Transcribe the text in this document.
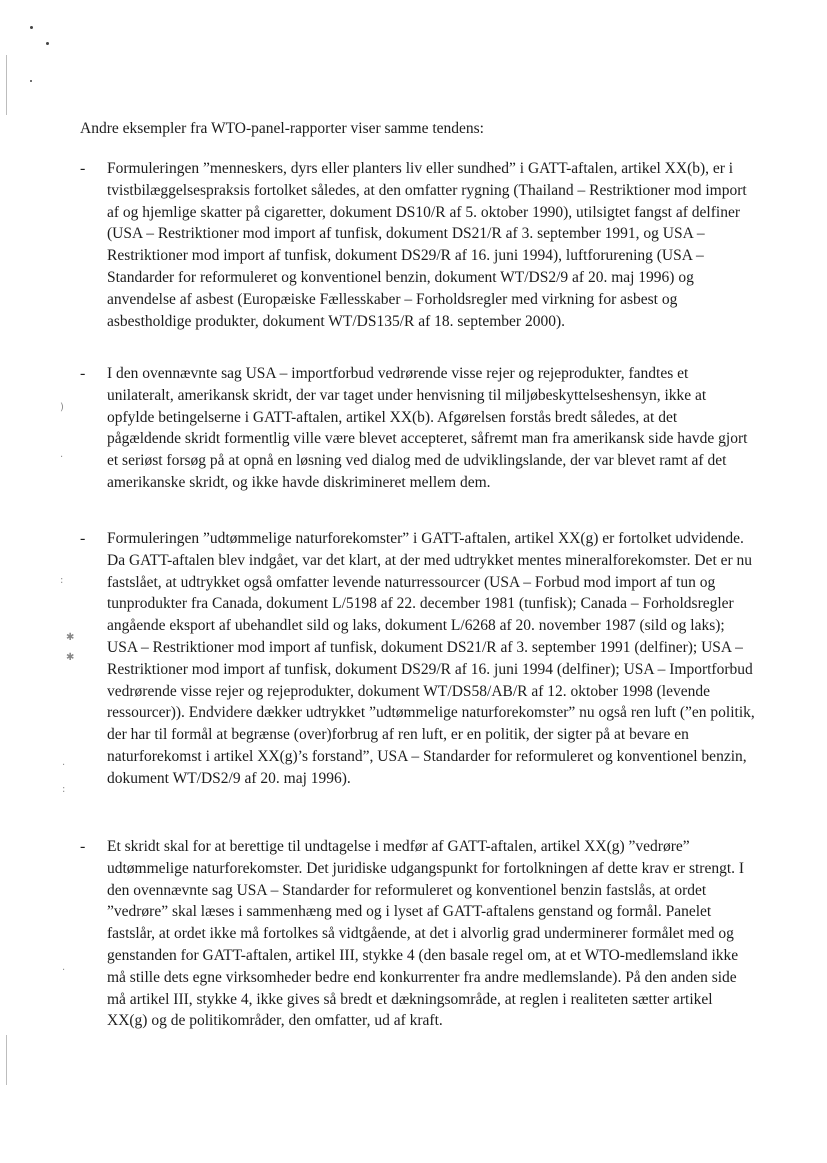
)
·
:
✱
✱
·
:
·

Andre eksempler fra WTO-panel-rapporter viser samme tendens:

- Formuleringen ”menneskers, dyrs eller planters liv eller sundhed” i GATT-aftalen, artikel XX(b), er i tvistbilæggelsespraksis fortolket således, at den omfatter rygning (Thailand – Restriktioner mod import af og hjemlige skatter på cigaretter, dokument DS10/R af 5. oktober 1990), utilsigtet fangst af delfiner (USA – Restriktioner mod import af tunfisk, dokument DS21/R af 3. september 1991, og USA – Restriktioner mod import af tunfisk, dokument DS29/R af 16. juni 1994), luftforurening (USA – Standarder for reformuleret og konventionel benzin, dokument WT/DS2/9 af 20. maj 1996) og anvendelse af asbest (Europæiske Fællesskaber – Forholdsregler med virkning for asbest og asbestholdige produkter, dokument WT/DS135/R af 18. september 2000).

- I den ovennævnte sag USA – importforbud vedrørende visse rejer og rejeprodukter, fandtes et unilateralt, amerikansk skridt, der var taget under henvisning til miljøbeskyttelseshensyn, ikke at opfylde betingelserne i GATT-aftalen, artikel XX(b). Afgørelsen forstås bredt således, at det pågældende skridt formentlig ville være blevet accepteret, såfremt man fra amerikansk side havde gjort et seriøst forsøg på at opnå en løsning ved dialog med de udviklingslande, der var blevet ramt af det amerikanske skridt, og ikke havde diskrimineret mellem dem.

- Formuleringen ”udtømmelige naturforekomster” i GATT-aftalen, artikel XX(g) er fortolket udvidende. Da GATT-aftalen blev indgået, var det klart, at der med udtrykket mentes mineralforekomster. Det er nu fastslået, at udtrykket også omfatter levende naturressourcer (USA – Forbud mod import af tun og tunprodukter fra Canada, dokument L/5198 af 22. december 1981 (tunfisk); Canada – Forholdsregler angående eksport af ubehandlet sild og laks, dokument L/6268 af 20. november 1987 (sild og laks); USA – Restriktioner mod import af tunfisk, dokument DS21/R af 3. september 1991 (delfiner); USA – Restriktioner mod import af tunfisk, dokument DS29/R af 16. juni 1994 (delfiner); USA – Importforbud vedrørende visse rejer og rejeprodukter, dokument WT/DS58/AB/R af 12. oktober 1998 (levende ressourcer)). Endvidere dækker udtrykket ”udtømmelige naturforekomster” nu også ren luft (”en politik, der har til formål at begrænse (over)forbrug af ren luft, er en politik, der sigter på at bevare en naturforekomst i artikel XX(g)’s forstand”, USA – Standarder for reformuleret og konventionel benzin, dokument WT/DS2/9 af 20. maj 1996).

- Et skridt skal for at berettige til undtagelse i medfør af GATT-aftalen, artikel XX(g) ”vedrøre” udtømmelige naturforekomster. Det juridiske udgangspunkt for fortolkningen af dette krav er strengt. I den ovennævnte sag USA – Standarder for reformuleret og konventionel benzin fastslås, at ordet ”vedrøre” skal læses i sammenhæng med og i lyset af GATT-aftalens genstand og formål. Panelet fastslår, at ordet ikke må fortolkes så vidtgående, at det i alvorlig grad underminerer formålet med og genstanden for GATT-aftalen, artikel III, stykke 4 (den basale regel om, at et WTO-medlemsland ikke må stille dets egne virksomheder bedre end konkurrenter fra andre medlemslande). På den anden side må artikel III, stykke 4, ikke gives så bredt et dækningsområde, at reglen i realiteten sætter artikel XX(g) og de politikområder, den omfatter, ud af kraft.
